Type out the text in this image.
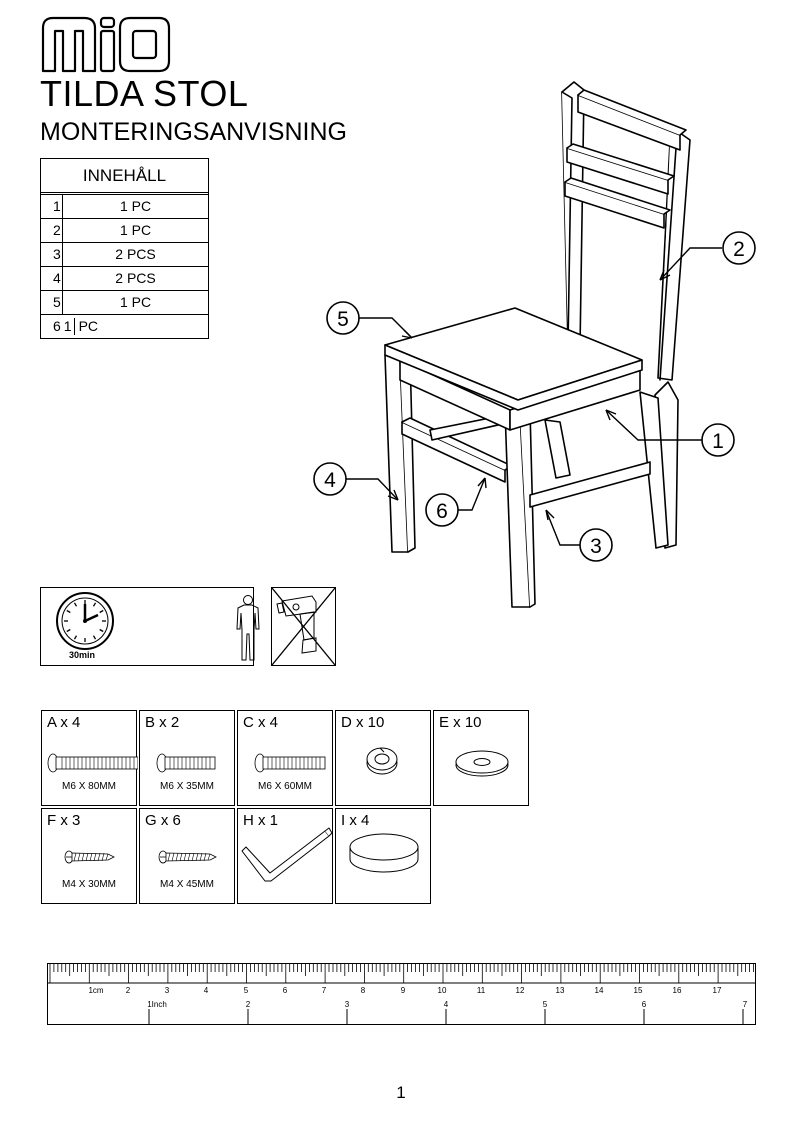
TILDA STOL
MONTERINGSANVISNING
INNEHÅLL
1	1 PC
2	1 PC
3	2 PCS
4	2 PCS
5	1 PC
6 1 PC
2
5
1
4
6
3
30min
A x 4
M6 X 80MM
B x 2
M6 X 35MM
C x 4
M6 X 60MM
D x 10	E x 10
F x 3
M4 X 30MM
G x 6
M4 X 45MM
H x 1	I x 4
1cm	2	3	4	5	6	7	8	9	10	11	12	13	14	15	16	17
1Inch	2	3	4	5	6	7
1
